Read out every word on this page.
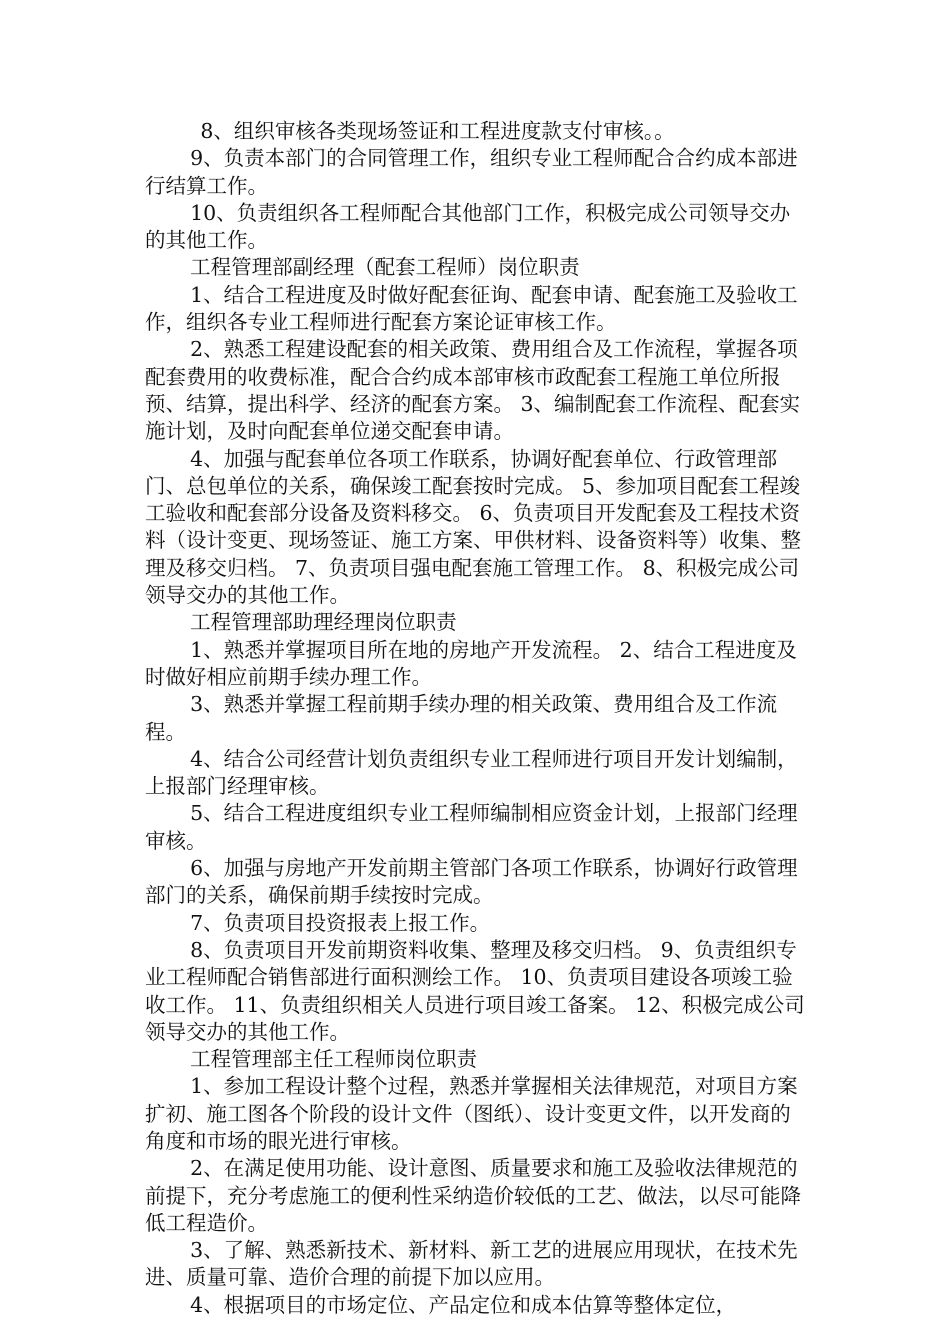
8、组织审核各类现场签证和工程进度款支付审核。。

9、负责本部门的合同管理工作，组织专业工程师配合合约成本部进行结算工作。

10、负责组织各工程师配合其他部门工作，积极完成公司领导交办的其他工作。

工程管理部副经理（配套工程师）岗位职责

1、结合工程进度及时做好配套征询、配套申请、配套施工及验收工作，组织各专业工程师进行配套方案论证审核工作。

2、熟悉工程建设配套的相关政策、费用组合及工作流程，掌握各项配套费用的收费标准，配合合约成本部审核市政配套工程施工单位所报预、结算，提出科学、经济的配套方案。 3、编制配套工作流程、配套实施计划，及时向配套单位递交配套申请。

4、加强与配套单位各项工作联系，协调好配套单位、行政管理部门、总包单位的关系，确保竣工配套按时完成。 5、参加项目配套工程竣工验收和配套部分设备及资料移交。 6、负责项目开发配套及工程技术资料（设计变更、现场签证、施工方案、甲供材料、设备资料等）收集、整理及移交归档。 7、负责项目强电配套施工管理工作。 8、积极完成公司领导交办的其他工作。

工程管理部助理经理岗位职责

1、熟悉并掌握项目所在地的房地产开发流程。 2、结合工程进度及时做好相应前期手续办理工作。

3、熟悉并掌握工程前期手续办理的相关政策、费用组合及工作流程。

4、结合公司经营计划负责组织专业工程师进行项目开发计划编制，上报部门经理审核。

5、结合工程进度组织专业工程师编制相应资金计划，上报部门经理审核。

6、加强与房地产开发前期主管部门各项工作联系，协调好行政管理部门的关系，确保前期手续按时完成。

7、负责项目投资报表上报工作。

8、负责项目开发前期资料收集、整理及移交归档。 9、负责组织专业工程师配合销售部进行面积测绘工作。 10、负责项目建设各项竣工验收工作。 11、负责组织相关人员进行项目竣工备案。 12、积极完成公司领导交办的其他工作。

工程管理部主任工程师岗位职责

1、参加工程设计整个过程，熟悉并掌握相关法律规范，对项目方案扩初、施工图各个阶段的设计文件（图纸）、设计变更文件，以开发商的角度和市场的眼光进行审核。

2、在满足使用功能、设计意图、质量要求和施工及验收法律规范的前提下，充分考虑施工的便利性采纳造价较低的工艺、做法，以尽可能降低工程造价。

3、了解、熟悉新技术、新材料、新工艺的进展应用现状，在技术先进、质量可靠、造价合理的前提下加以应用。

4、根据项目的市场定位、产品定位和成本估算等整体定位，
